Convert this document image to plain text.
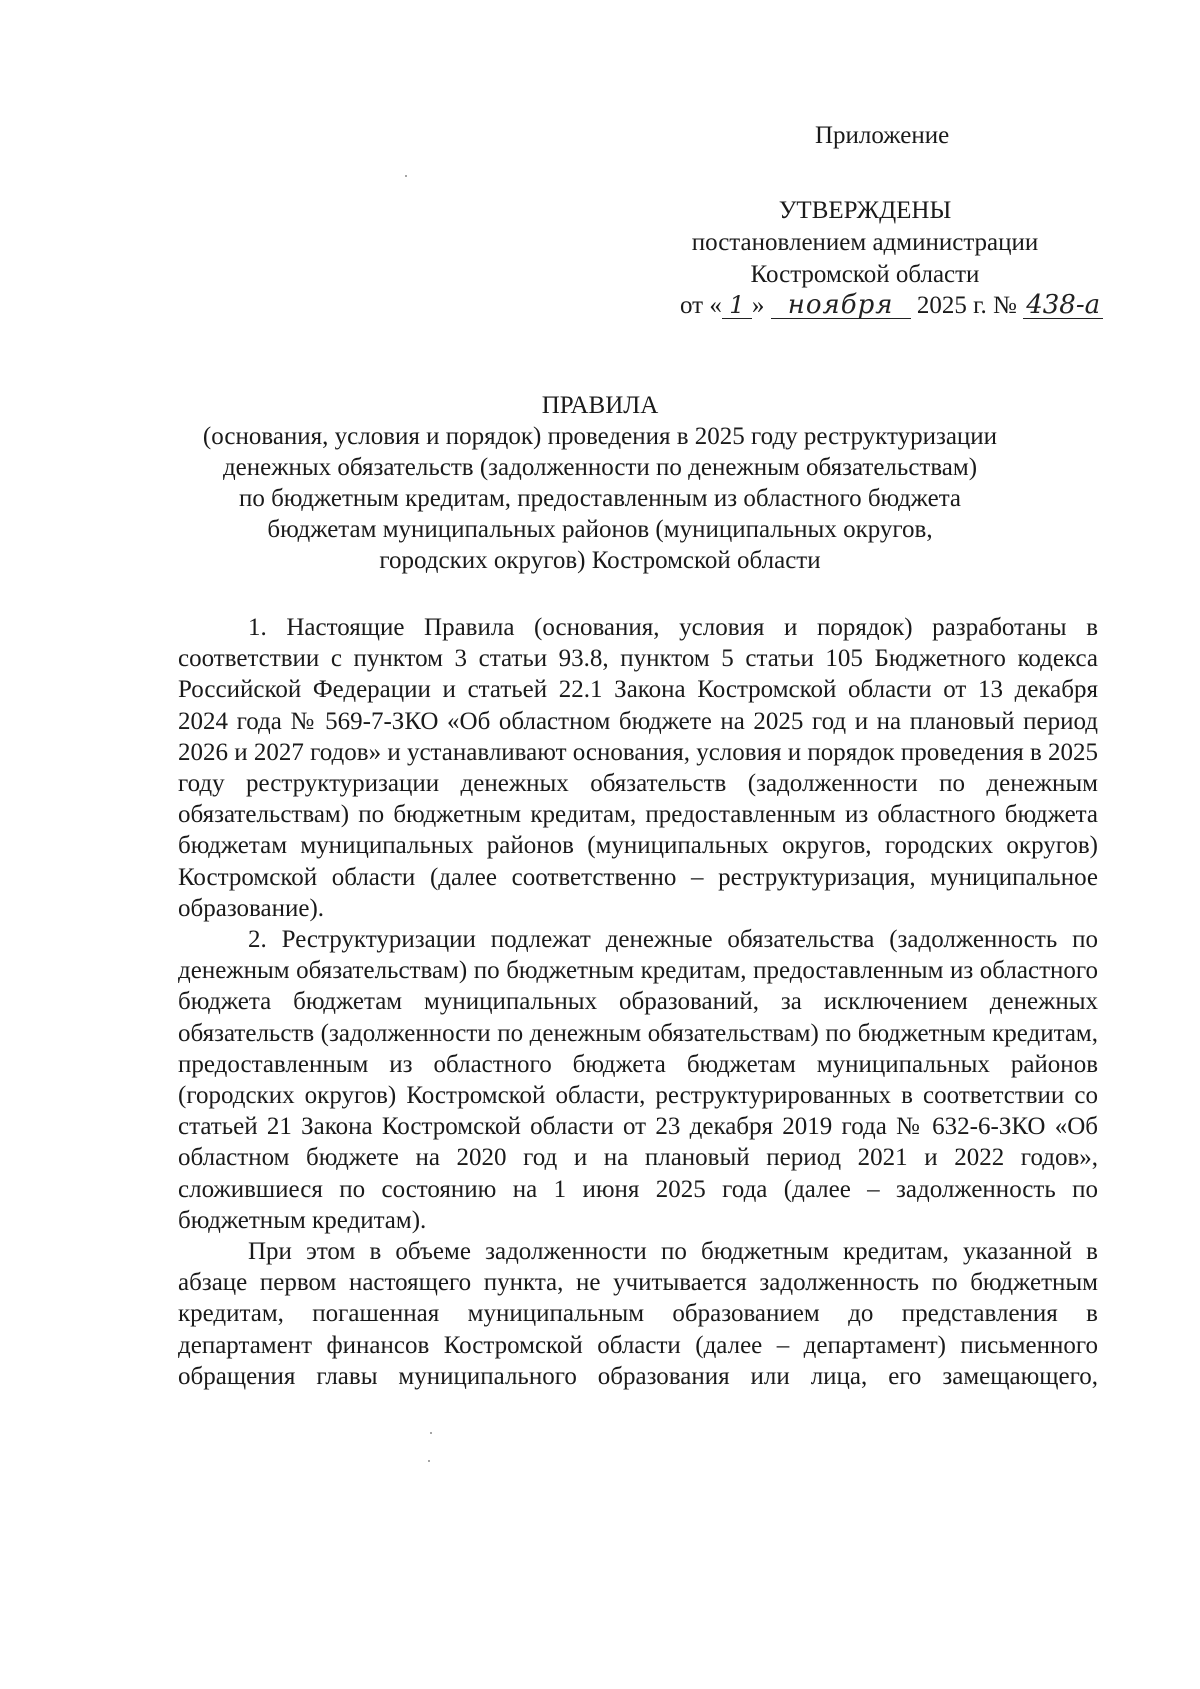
Приложение
УТВЕРЖДЕНЫ
постановлением администрации
Костромской области
от « 1 »
ноября
2025 г. №
438-а
ПРАВИЛА
(основания, условия и порядок) проведения в 2025 году реструктуризации
денежных обязательств (задолженности по денежным обязательствам)
по бюджетным кредитам, предоставленным из областного бюджета
бюджетам муниципальных районов (муниципальных округов,
городских округов) Костромской области

1. Настоящие Правила (основания, условия и порядок) разработаны в соответствии с пунктом 3 статьи 93.8, пунктом 5 статьи 105 Бюджетного кодекса Российской Федерации и статьей 22.1 Закона Костромской области от 13 декабря 2024 года № 569-7-ЗКО «Об областном бюджете на 2025 год и на плановый период 2026 и 2027 годов» и устанавливают основания, условия и порядок проведения в 2025 году реструктуризации денежных обязательств (задолженности по денежным обязательствам) по бюджетным кредитам, предоставленным из областного бюджета бюджетам муниципальных районов (муниципальных округов, городских округов) Костромской области (далее соответственно – реструктуризация, муниципальное образование).

2. Реструктуризации подлежат денежные обязательства (задолженность по денежным обязательствам) по бюджетным кредитам, предоставленным из областного бюджета бюджетам муниципальных образований, за исключением денежных обязательств (задолженности по денежным обязательствам) по бюджетным кредитам, предоставленным из областного бюджета бюджетам муниципальных районов (городских округов) Костромской области, реструктурированных в соответствии со статьей 21 Закона Костромской области от 23 декабря 2019 года № 632-6-ЗКО «Об областном бюджете на 2020 год и на плановый период 2021 и 2022 годов», сложившиеся по состоянию на 1 июня 2025 года (далее – задолженность по бюджетным кредитам).

При этом в объеме задолженности по бюджетным кредитам, указанной в абзаце первом настоящего пункта, не учитывается задолженность по бюджетным кредитам, погашенная муниципальным образованием до представления в департамент финансов Костромской области (далее – департамент) письменного обращения главы муниципального образования или лица, его замещающего,
